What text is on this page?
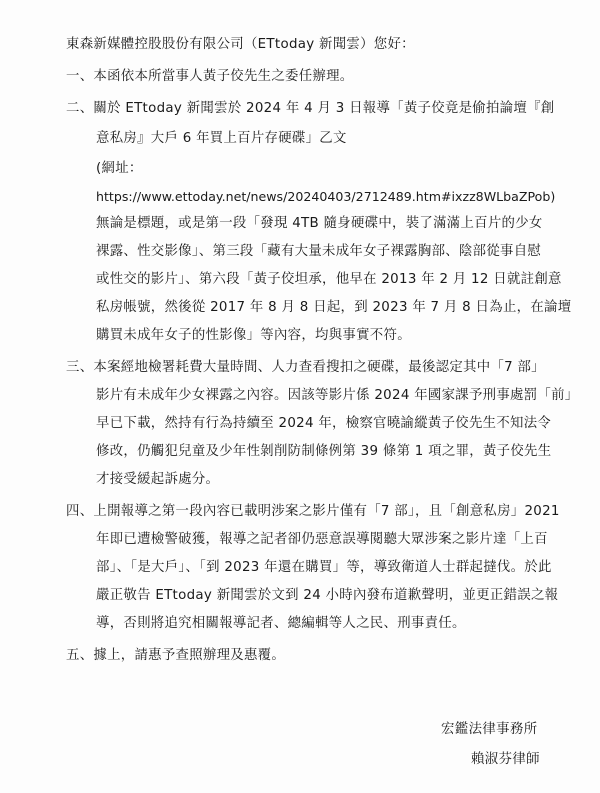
東森新媒體控股股份有限公司（ETtoday 新聞雲）您好：
一、本函依本所當事人黃子佼先生之委任辦理。
二、關於 ETtoday 新聞雲於 2024 年 4 月 3 日報導「黃子佼竟是偷拍論壇『創
意私房』大戶 6 年買上百片存硬碟」乙文
(網址：
https://www.ettoday.net/news/20240403/2712489.htm#ixzz8WLbaZPob)
無論是標題，或是第一段「發現 4TB 隨身硬碟中，裝了滿滿上百片的少女
裸露、性交影像」、第三段「藏有大量未成年女子裸露胸部、陰部從事自慰
或性交的影片」、第六段「黃子佼坦承，他早在 2013 年 2 月 12 日就註創意
私房帳號，然後從 2017 年 8 月 8 日起，到 2023 年 7 月 8 日為止，在論壇
購買未成年女子的性影像」等內容，均與事實不符。
三、本案經地檢署耗費大量時間、人力查看搜扣之硬碟，最後認定其中「7 部」
影片有未成年少女裸露之內容。因該等影片係 2024 年國家課予刑事處罰「前」
早已下載，然持有行為持續至 2024 年，檢察官曉諭縱黃子佼先生不知法令
修改，仍觸犯兒童及少年性剝削防制條例第 39 條第 1 項之罪，黃子佼先生
才接受緩起訴處分。
四、上開報導之第一段內容已載明涉案之影片僅有「7 部」，且「創意私房」2021
年即已遭檢警破獲，報導之記者卻仍惡意誤導閱聽大眾涉案之影片達「上百
部」、「是大戶」、「到 2023 年還在購買」等，導致衛道人士群起撻伐。於此
嚴正敬告 ETtoday 新聞雲於文到 24 小時內發布道歉聲明，並更正錯誤之報
導，否則將追究相關報導記者、總編輯等人之民、刑事責任。
五、據上，請惠予查照辦理及惠覆。
宏鑑法律事務所
賴淑芬律師
